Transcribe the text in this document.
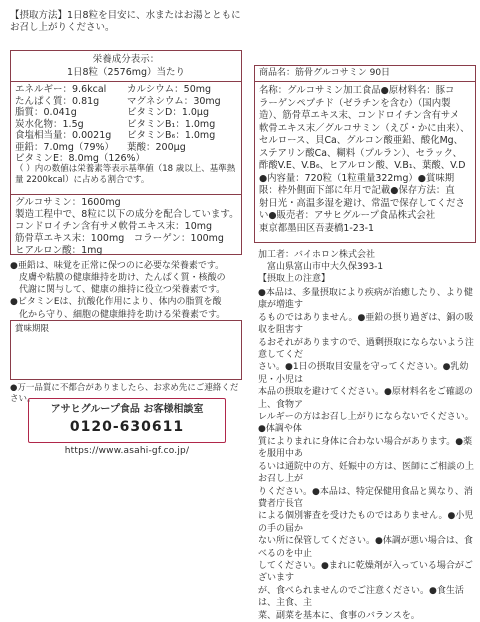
【摂取方法】1日8粒を目安に、水またはお湯とともにお召し上がりください。
栄養成分表示：
1日8粒（2576mg）当たり
エネルギー： 9.6kcal
たんぱく質： 0.81g
脂質： 0.041g
炭水化物： 1.5g
食塩相当量： 0.0021g
亜鉛： 7.0mg（79%）
ビタミンE：8.0mg（126%）
カルシウム： 50mg
マグネシウム： 30mg
ビタミンD： 1.0μg
ビタミンB₁： 1.0mg
ビタミンB₆： 1.0mg
葉酸： 200μg
（ ）内の数値は栄養素等表示基準値（18 歳以上、基準熱量 2200kcal）に占める割合です。
グルコサミン：1600mg
製造工程中で、8粒に以下の成分を配合しています。
コンドロイチン含有サメ軟骨エキス末：10mg
筋骨草エキス末：100mg　コラーゲン：100mg
ヒアルロン酸：1mg
●亜鉛は、味覚を正常に保つのに必要な栄養素です。
　皮膚や粘膜の健康維持を助け、たんぱく質・核酸の
　代謝に関与して、健康の維持に役立つ栄養素です。
●ビタミンEは、抗酸化作用により、体内の脂質を酸
　化から守り、細胞の健康維持を助ける栄養素です。
賞味期限
●万一品質に不都合がありましたら、お求め先にご連絡ください。
アサヒグループ食品 お客様相談室
0120-630611
https://www.asahi-gf.co.jp/
商品名：筋骨グルコサミン 90日
名称：グルコサミン加工食品●原材料名：豚コ
ラーゲンペプチド（ゼラチンを含む）（国内製
造）、筋骨草エキス末、コンドロイチン含有サメ
軟骨エキス末／グルコサミン（えび・かに由来）、
セルロース、貝Ca、グルコン酸亜鉛、酸化Mg、
ステアリン酸Ca、糊料（プルラン）、セラック、
酢酸V.E、V.B₆、ヒアルロン酸、V.B₁、葉酸、V.D
●内容量：720粒（1粒重量322mg）●賞味期
限：枠外側面下部に年月で記載●保存方法：直
射日光・高温多湿を避け、常温で保存してくださ
い●販売者：アサヒグループ食品株式会社
東京都墨田区吾妻橋1-23-1
加工者：バイホロン株式会社
　富山県富山市中大久保393-1
【摂取上の注意】
●本品は、多量摂取により疾病が治癒したり、より健康が増進す
るものではありません。●亜鉛の摂り過ぎは、銅の吸収を阻害す
るおそれがありますので、過剰摂取にならないよう注意してくだ
さい。●1日の摂取目安量を守ってください。●乳幼児・小児は
本品の摂取を避けてください。●原材料名をご確認の上、食物ア
レルギーの方はお召し上がりにならないでください。●体調や体
質によりまれに身体に合わない場合があります。●薬を服用中あ
るいは通院中の方、妊娠中の方は、医師にご相談の上お召し上が
りください。●本品は、特定保健用食品と異なり、消費者庁長官
による個別審査を受けたものではありません。●小児の手の届か
ない所に保管してください。●体調が悪い場合は、食べるのを中止
してください。●まれに乾燥剤が入っている場合がございます
が、食べられませんのでご注意ください。●食生活は、主食、主
菜、副菜を基本に、食事のバランスを。
